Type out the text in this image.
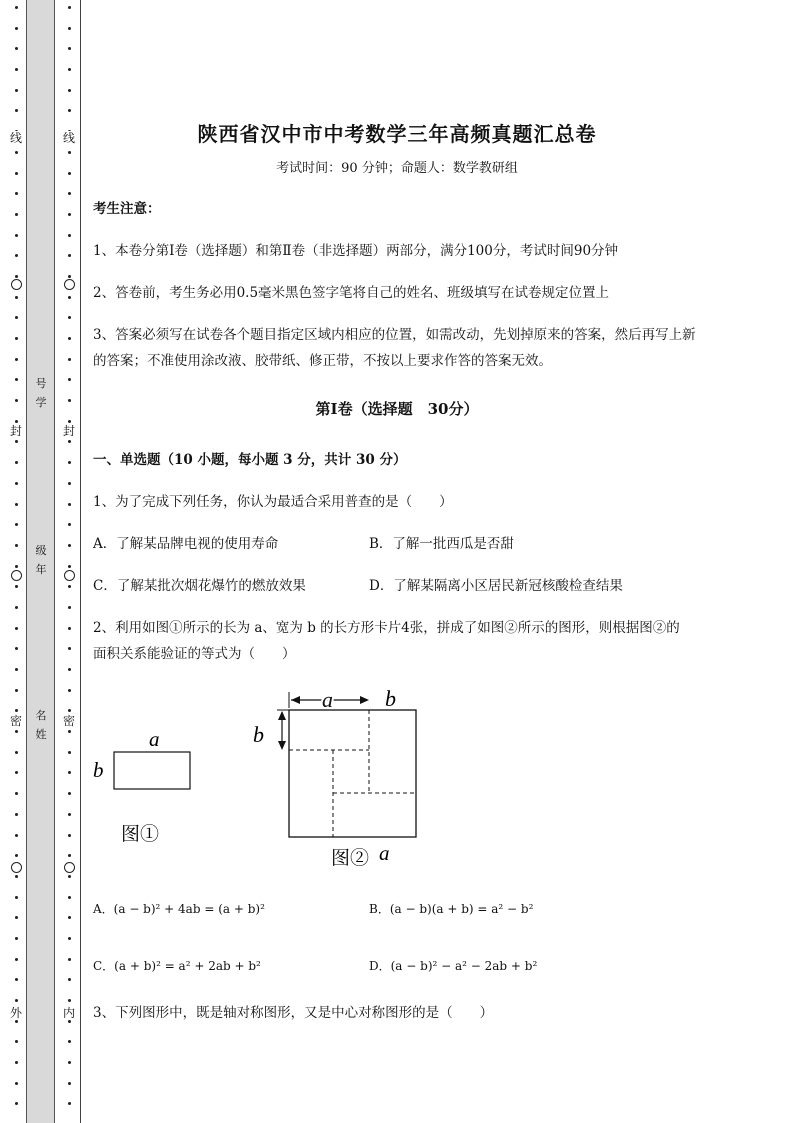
线
封
密
外
线
封
密
内
号
学
级
年
名
姓
陕西省汉中市中考数学三年高频真题汇总卷
考试时间：90 分钟；命题人：数学教研组
考生注意：
1、本卷分第Ⅰ卷（选择题）和第Ⅱ卷（非选择题）两部分，满分100分，考试时间90分钟
2、答卷前，考生务必用0.5毫米黑色签字笔将自己的姓名、班级填写在试卷规定位置上
3、答案必须写在试卷各个题目指定区域内相应的位置，如需改动，先划掉原来的答案，然后再写上新
的答案；不准使用涂改液、胶带纸、修正带，不按以上要求作答的答案无效。
第Ⅰ卷（选择题　30分）
一、单选题（10 小题，每小题 3 分，共计 30 分）
1、为了完成下列任务，你认为最适合采用普查的是（　　）
A．了解某品牌电视的使用寿命	B．了解一批西瓜是否甜
C．了解某批次烟花爆竹的燃放效果	D．了解某隔离小区居民新冠核酸检查结果
2、利用如图①所示的长为 a、宽为 b 的长方形卡片4张，拼成了如图②所示的图形，则根据图②的
面积关系能验证的等式为（　　）
a
b
图①
a b
b
图② a
A．(a − b)² + 4ab = (a + b)²	B．(a − b)(a + b) = a² − b²
C．(a + b)² = a² + 2ab + b²	D．(a − b)² − a² − 2ab + b²
3、下列图形中，既是轴对称图形，又是中心对称图形的是（　　）
